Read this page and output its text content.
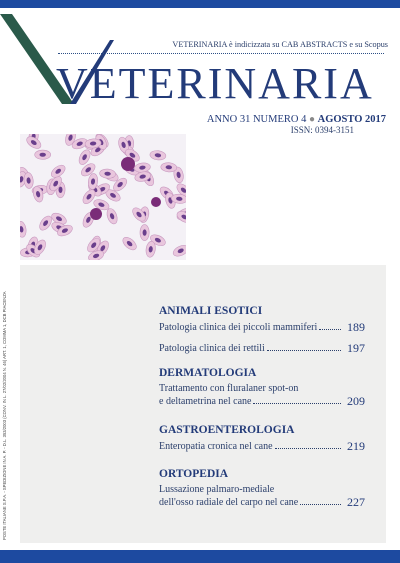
VETERINARIA è indicizzata su CAB ABSTRACTS e su Scopus
VETERINARIA
ANNO 31 NUMERO 4 ● AGOSTO 2017
ISSN: 0394-3151
POSTE ITALIANE S.P.A. - SPEDIZIONE IN A. P. - D.L. 353/2003 (CONV. IN L. 27/02/2004 N. 46) ART. 1, COMMA 1, DCB PIACENZA	ANIMALI ESOTICI
Patologia clinica dei piccoli mammiferi	189
Patologia clinica dei rettili	197
DERMATOLOGIA
Trattamento con fluralaner spot-on
e deltametrina nel cane	209
GASTROENTEROLOGIA
Enteropatia cronica nel cane	219
ORTOPEDIA
Lussazione palmaro-mediale
dell'osso radiale del carpo nel cane	227
